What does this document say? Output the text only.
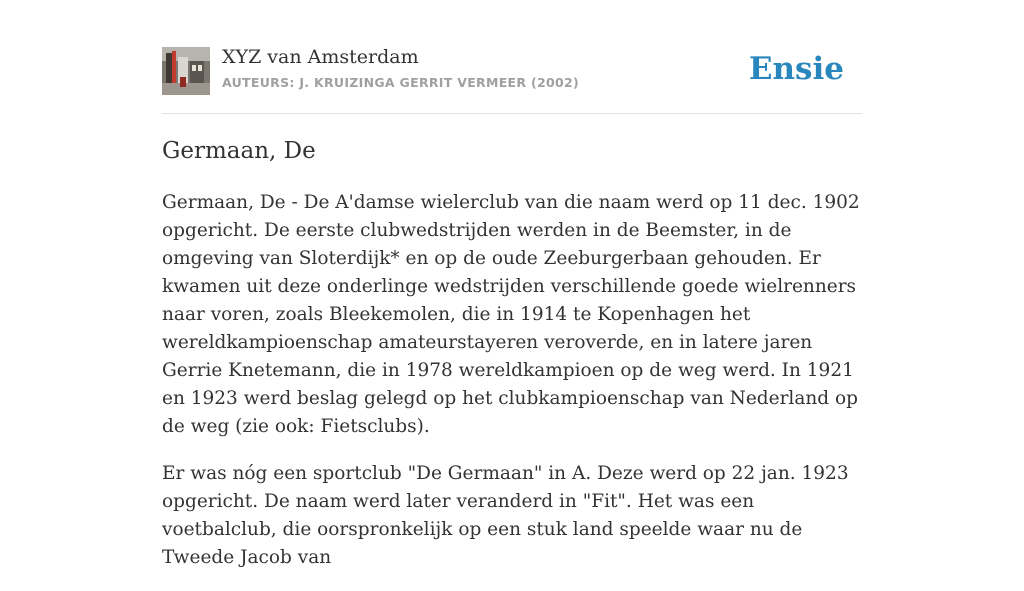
XYZ van Amsterdam
AUTEURS: J. KRUIZINGA GERRIT VERMEER (2002)	Ensie
Germaan, De

Germaan, De - De A'damse wielerclub van die naam werd op 11 dec. 1902 opgericht. De eerste clubwedstrijden werden in de Beemster, in de omgeving van Sloterdijk* en op de oude Zeeburgerbaan gehouden. Er kwamen uit deze onderlinge wedstrijden verschillende goede wielrenners naar voren, zoals Bleekemolen, die in 1914 te Kopenhagen het wereldkampioenschap amateurstayeren veroverde, en in latere jaren Gerrie Knetemann, die in 1978 wereldkampioen op de weg werd. In 1921 en 1923 werd beslag gelegd op het clubkampioenschap van Nederland op de weg (zie ook: Fietsclubs).

Er was nóg een sportclub "De Germaan" in A. Deze werd op 22 jan. 1923 opgericht. De naam werd later veranderd in "Fit". Het was een voetbalclub, die oorspronkelijk op een stuk land speelde waar nu de Tweede Jacob van
